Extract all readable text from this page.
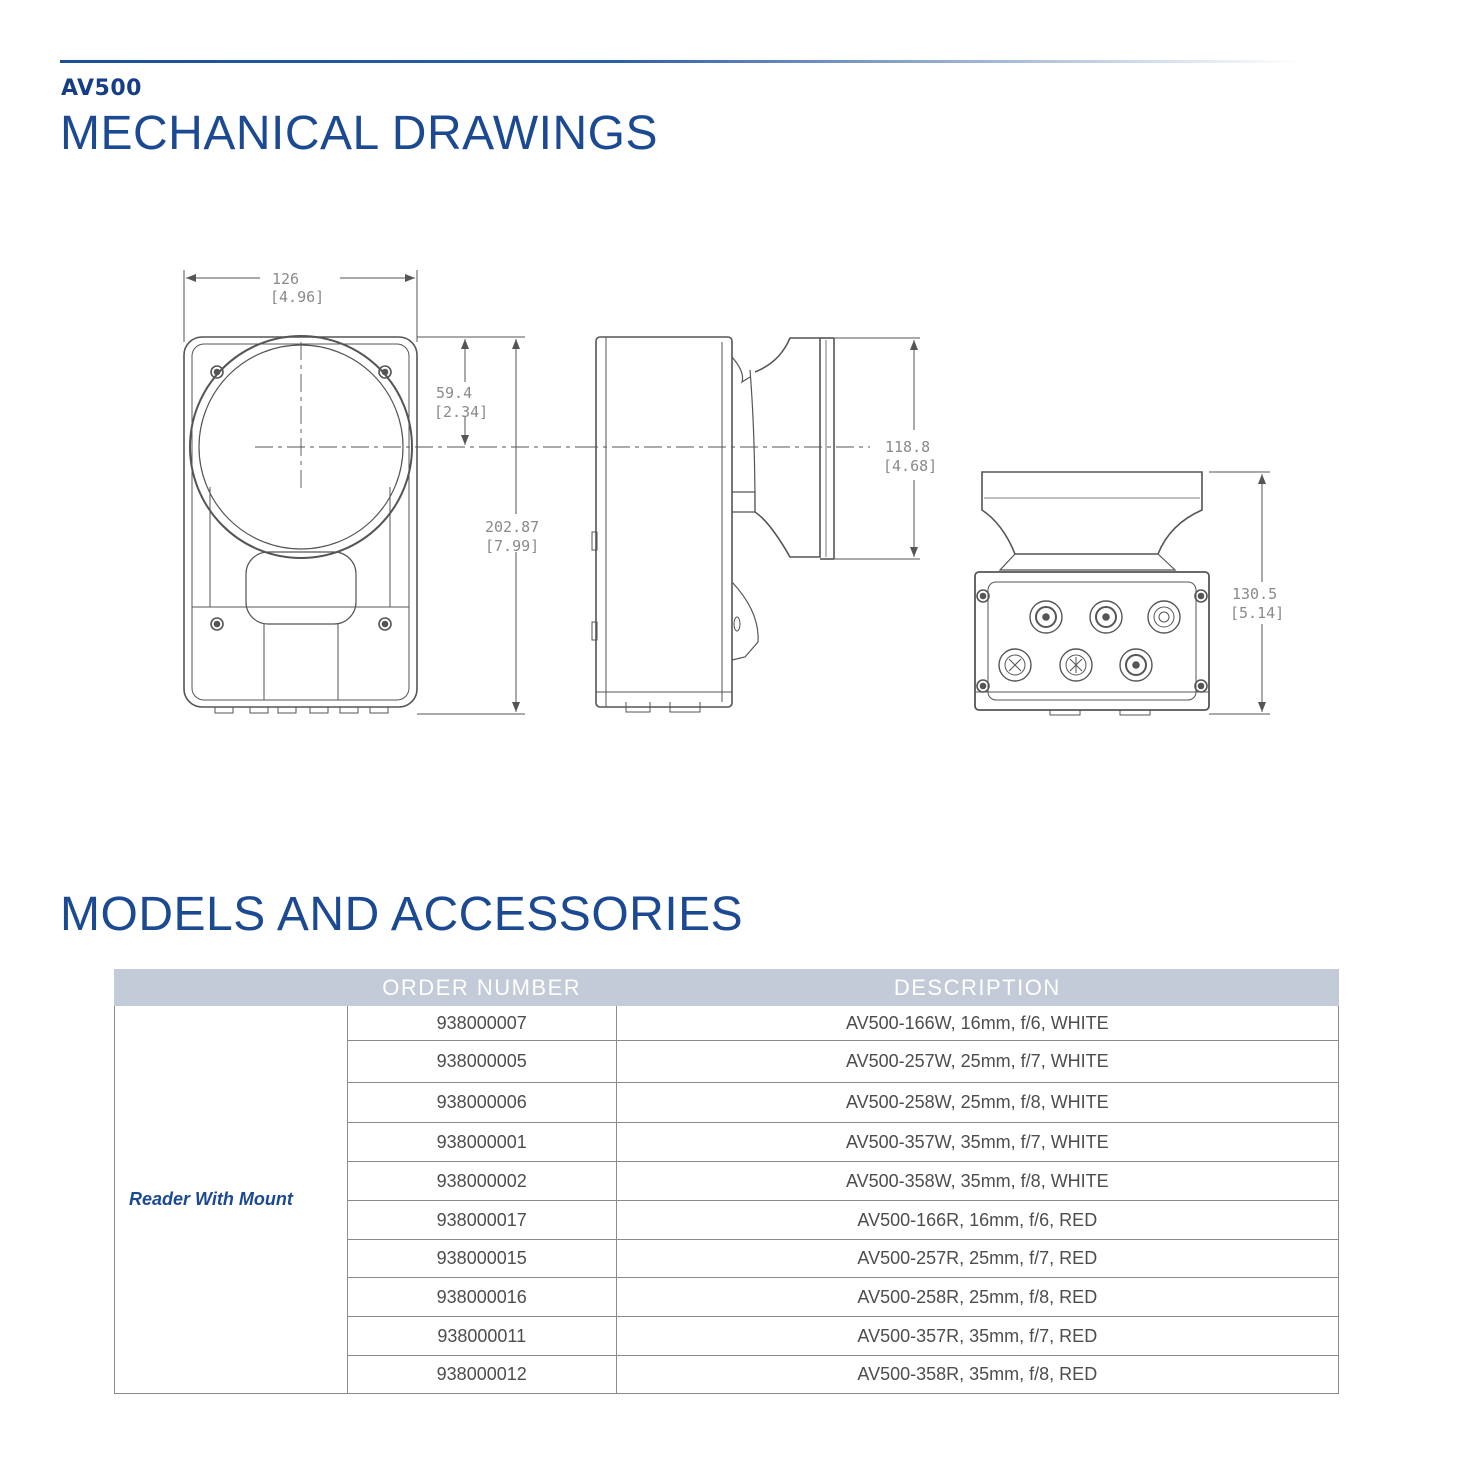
AV500
MECHANICAL DRAWINGS
126
[4.96]
59.4
[2.34]
202.87
[7.99]
118.8
[4.68]
130.5
[5.14]
MODELS AND ACCESSORIES
	ORDER NUMBER	DESCRIPTION
Reader With Mount	938000007	AV500-166W, 16mm, f/6, WHITE
	938000005	AV500-257W, 25mm, f/7, WHITE
	938000006	AV500-258W, 25mm, f/8, WHITE
	938000001	AV500-357W, 35mm, f/7, WHITE
	938000002	AV500-358W, 35mm, f/8, WHITE
	938000017	AV500-166R, 16mm, f/6, RED
	938000015	AV500-257R, 25mm, f/7, RED
	938000016	AV500-258R, 25mm, f/8, RED
	938000011	AV500-357R, 35mm, f/7, RED
	938000012	AV500-358R, 35mm, f/8, RED
